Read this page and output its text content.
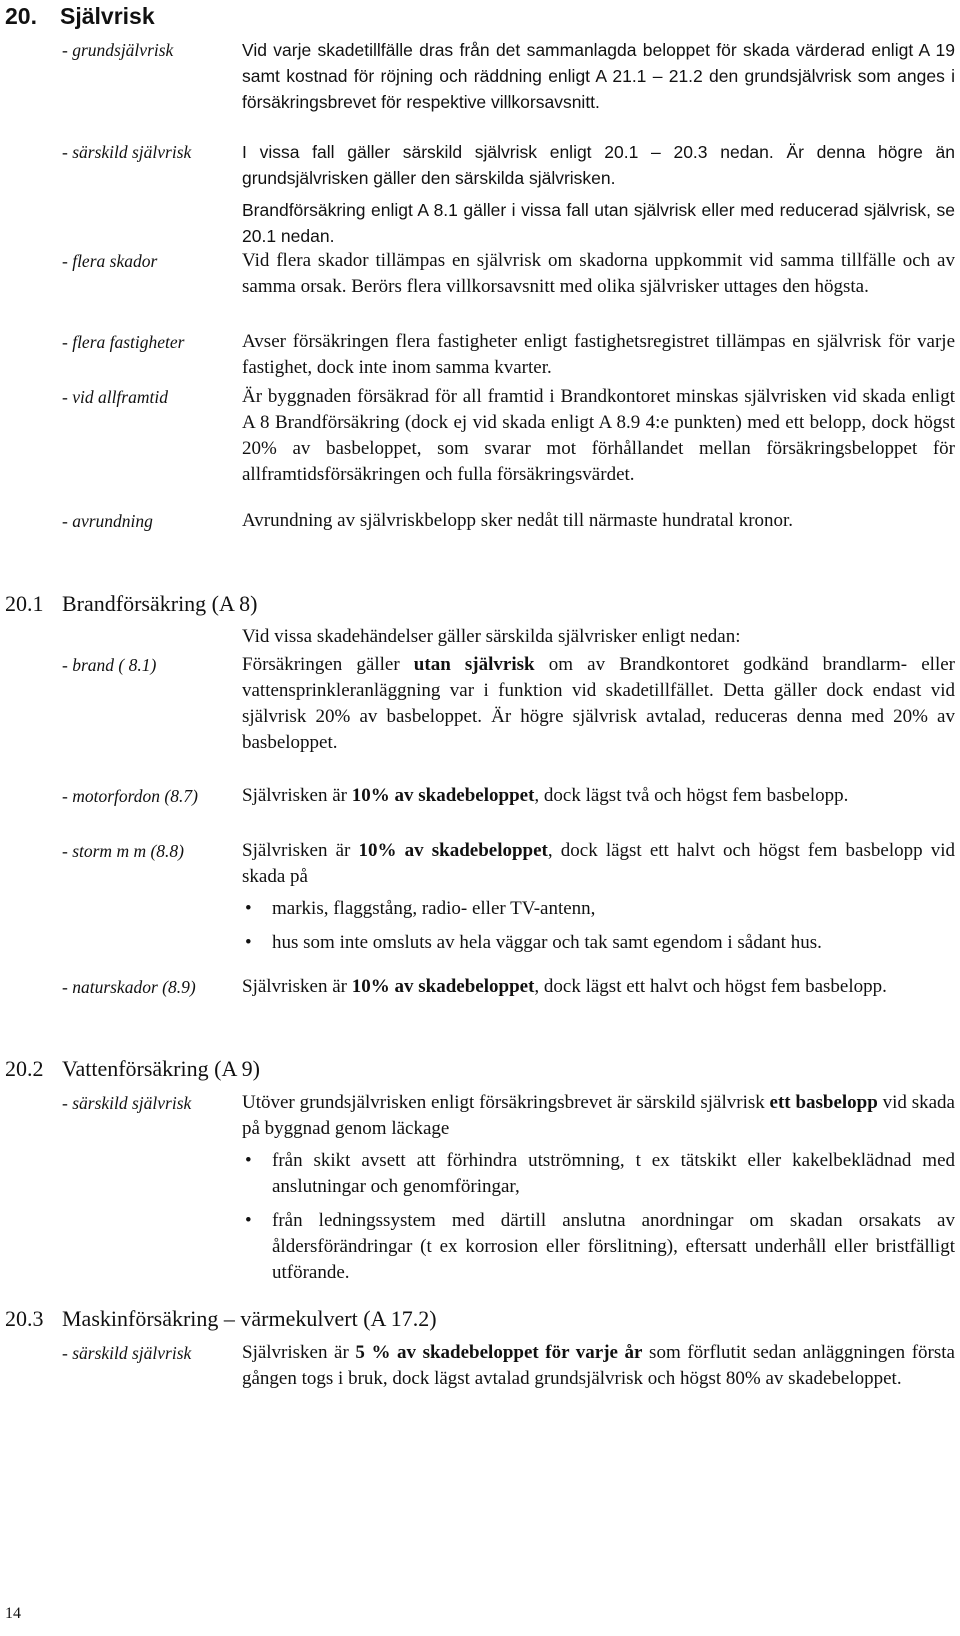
20. Självrisk
- grundsjälvrisk	Vid varje skadetillfälle dras från det sammanlagda beloppet för skada värderad enligt A 19 samt kostnad för röjning och räddning enligt A 21.1 – 21.2 den grundsjälvrisk som anges i försäkringsbrevet för respektive villkorsavsnitt.
- särskild självrisk	I vissa fall gäller särskild självrisk enligt 20.1 – 20.3 nedan. Är denna högre än grundsjälvrisken gäller den särskilda självrisken.
Brandförsäkring enligt A 8.1 gäller i vissa fall utan självrisk eller med reducerad självrisk, se 20.1 nedan.
- flera skador	Vid flera skador tillämpas en självrisk om skadorna uppkommit vid samma tillfälle och av samma orsak. Berörs flera villkorsavsnitt med olika självrisker uttages den högsta.
- flera fastigheter	Avser försäkringen flera fastigheter enligt fastighetsregistret tillämpas en självrisk för varje fastighet, dock inte inom samma kvarter.
- vid allframtid	Är byggnaden försäkrad för all framtid i Brandkontoret minskas självrisken vid skada enligt A 8 Brandförsäkring (dock ej vid skada enligt A 8.9 4:e punkten) med ett belopp, dock högst 20% av basbeloppet, som svarar mot förhållandet mellan försäkringsbeloppet för allframtidsförsäkringen och fulla försäkringsvärdet.
- avrundning	Avrundning av självriskbelopp sker nedåt till närmaste hundratal kronor.
20.1 Brandförsäkring (A 8)
Vid vissa skadehändelser gäller särskilda självrisker enligt nedan:
- brand ( 8.1)	Försäkringen gäller utan självrisk om av Brandkontoret godkänd brandlarm- eller vattensprinkleranläggning var i funktion vid skadetillfället. Detta gäller dock endast vid självrisk 20% av basbeloppet. Är högre självrisk avtalad, reduceras denna med 20% av basbeloppet.
- motorfordon (8.7)	Självrisken är 10% av skadebeloppet, dock lägst två och högst fem basbelopp.
- storm m m (8.8)	Självrisken är 10% av skadebeloppet, dock lägst ett halvt och högst fem basbelopp vid skada på
• markis, flaggstång, radio- eller TV-antenn,
• hus som inte omsluts av hela väggar och tak samt egendom i sådant hus.
- naturskador (8.9)	Självrisken är 10% av skadebeloppet, dock lägst ett halvt och högst fem basbelopp.
20.2 Vattenförsäkring (A 9)
- särskild självrisk	Utöver grundsjälvrisken enligt försäkringsbrevet är särskild självrisk ett basbelopp vid skada på byggnad genom läckage
• från skikt avsett att förhindra utströmning, t ex tätskikt eller kakelbeklädnad med anslutningar och genomföringar,
• från ledningssystem med därtill anslutna anordningar om skadan orsakats av åldersförändringar (t ex korrosion eller förslitning), eftersatt underhåll eller bristfälligt utförande.
20.3 Maskinförsäkring – värmekulvert (A 17.2)
- särskild självrisk	Självrisken är 5 % av skadebeloppet för varje år som förflutit sedan anläggningen första gången togs i bruk, dock lägst avtalad grundsjälvrisk och högst 80% av skadebeloppet.
14
